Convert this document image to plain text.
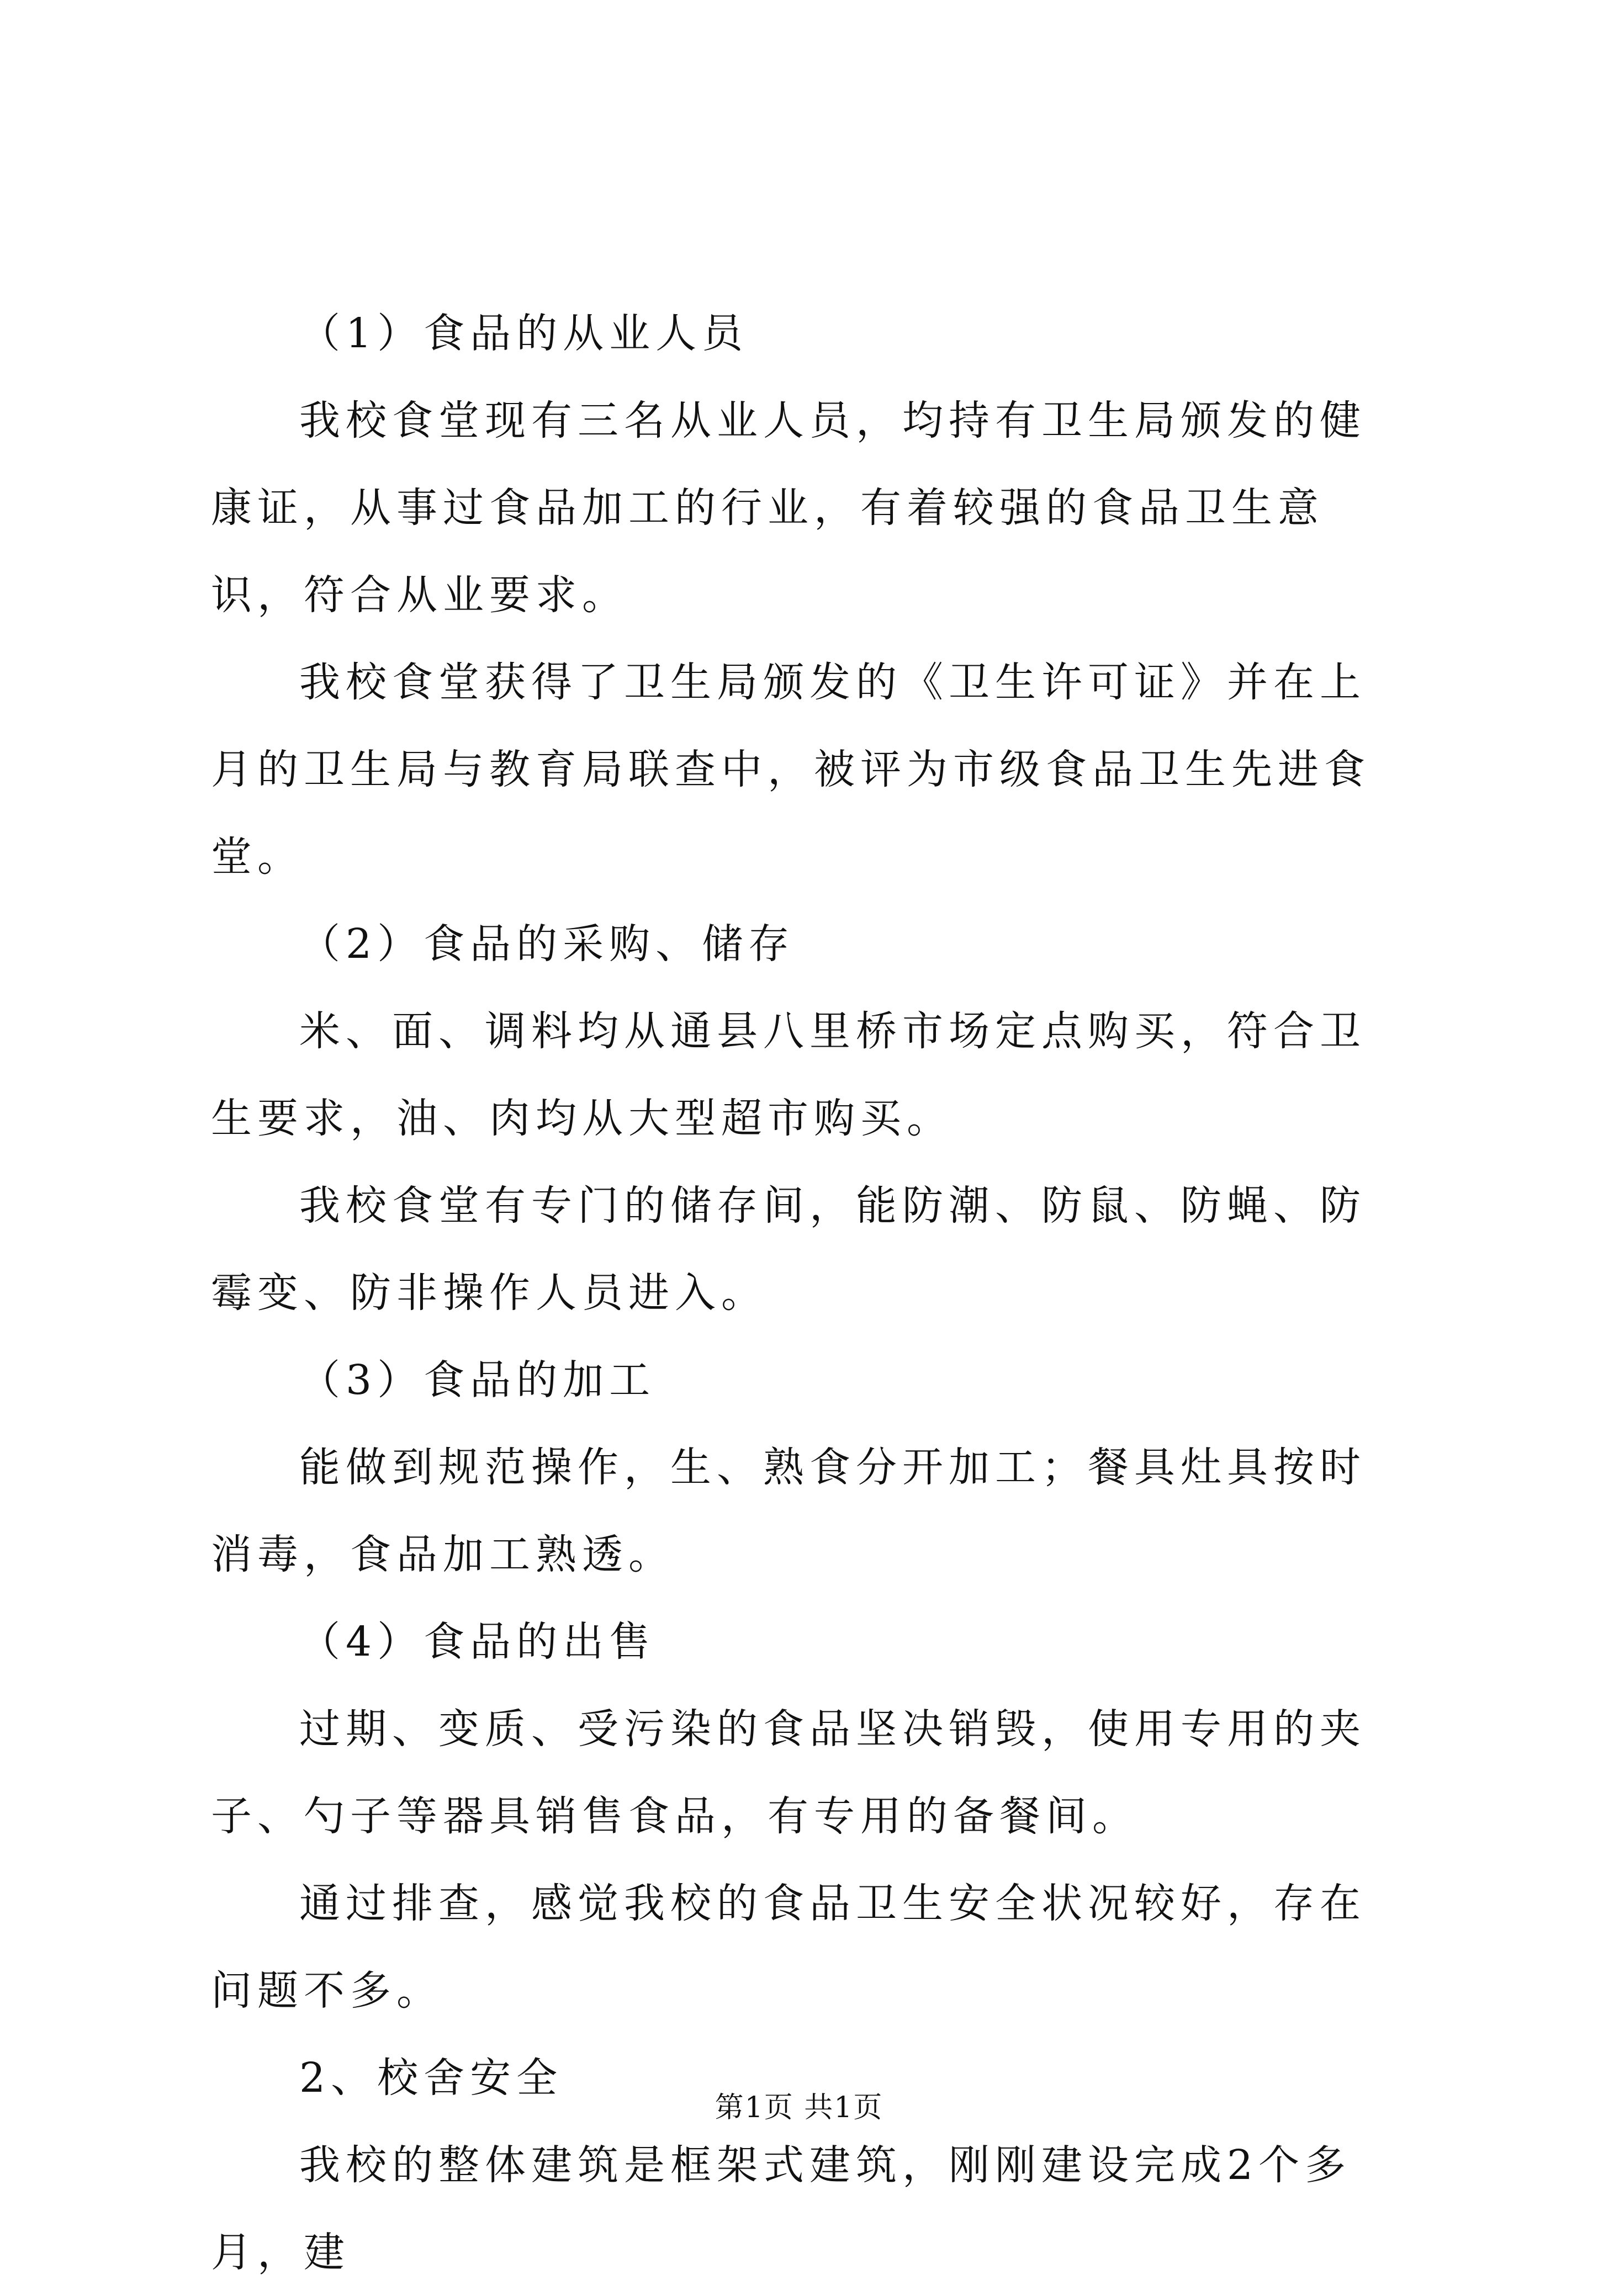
（1）食品的从业人员

我校食堂现有三名从业人员，均持有卫生局颁发的健康证，从事过食品加工的行业，有着较强的食品卫生意识，符合从业要求。

我校食堂获得了卫生局颁发的《卫生许可证》并在上月的卫生局与教育局联查中，被评为市级食品卫生先进食堂。

（2）食品的采购、储存

米、面、调料均从通县八里桥市场定点购买，符合卫生要求，油、肉均从大型超市购买。

我校食堂有专门的储存间，能防潮、防鼠、防蝇、防霉变、防非操作人员进入。

（3）食品的加工

能做到规范操作，生、熟食分开加工；餐具灶具按时消毒，食品加工熟透。

（4）食品的出售

过期、变质、受污染的食品坚决销毁，使用专用的夹子、勺子等器具销售食品，有专用的备餐间。

通过排查，感觉我校的食品卫生安全状况较好，存在问题不多。

2、校舍安全

我校的整体建筑是框架式建筑，刚刚建设完成2个多月，建

第1页 共1页
